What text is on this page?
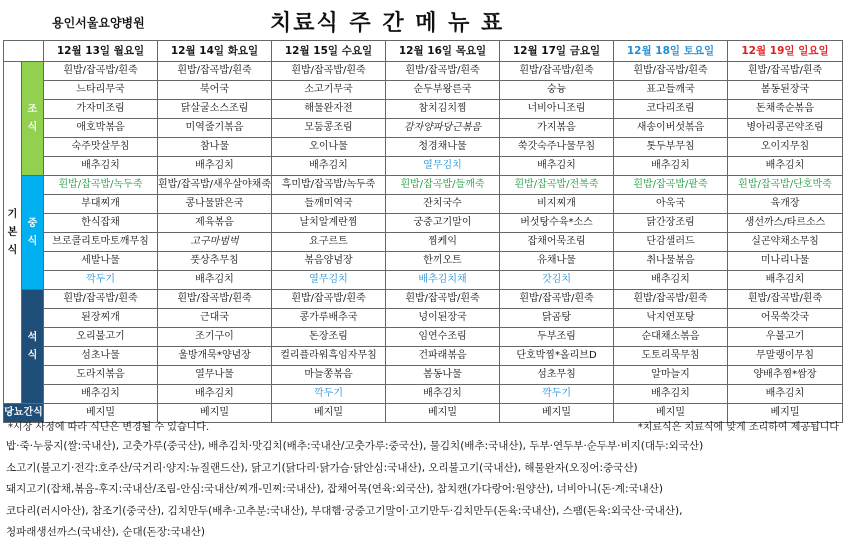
용인서울요양병원	치료식 주 간 메 뉴 표
		12월 13일 월요일	12월 14일 화요일	12월 15일 수요일	12월 16일 목요일	12월 17일 금요일	12월 18일 토요일	12월 19일 일요일
기
본
식	조
식	흰밥/잡곡밥/흰죽	흰밥/잡곡밥/흰죽	흰밥/잡곡밥/흰죽	흰밥/잡곡밥/흰죽	흰밥/잡곡밥/흰죽	흰밥/잡곡밥/흰죽	흰밥/잡곡밥/흰죽
		느타리무국	북어국	소고기무국	순두부왕른국	숭늉	표고들깨국	봄동된장국
		가자미조림	닭살굴소스조림	해물완자전	참치김치찜	너비아니조림	코다리조림	돈채죽순볶음
		애호박볶음	미역줄기볶음	모둠콩조림	감자양파당근볶음	가지볶음	새송이버섯볶음	병아리콩곤약조림
		숙주맛살무침	참나물	오이나물	청경채나물	쑥갓숙주나물무침	톳두부무침	오이지무침
		배추김치	배추김치	배추김치	열무김치	배추김치	배추김치	배추김치
	중
식	흰밥/잡곡밥/녹두죽	흰밥/잡곡밥/새우살야채죽	흑미밥/잡곡밥/녹두죽	흰밥/잡곡밥/들깨죽	흰밥/잡곡밥/전복죽	흰밥/잡곡밥/팥죽	흰밥/잡곡밥/단호박죽
		부대찌개	콩나물맑은국	들깨미역국	잔치국수	비지찌개	아욱국	육개장
		한식잡채	제육볶음	날치알계란찜	궁중고기말이	버섯탕수육*소스	닭간장조림	생선까스/타르소스
		브로콜리토마토깨무침	고구마범벅	요구르트	찜케익	잡채어묵조림	단감샐러드	실곤약채소무침
		세발나물	풋상추무침	볶음양념장	한끼오트	유채나물	취나물볶음	미나리나물
		깍두기	배추김치	열무김치	배추김치채	갓김치	배추김치	배추김치
	석
식	흰밥/잡곡밥/흰죽	흰밥/잡곡밥/흰죽	흰밥/잡곡밥/흰죽	흰밥/잡곡밥/흰죽	흰밥/잡곡밥/흰죽	흰밥/잡곡밥/흰죽	흰밥/잡곡밥/흰죽
		된장찌개	근대국	콩가루배추국	넝이된장국	닭곰탕	낙지연포탕	어묵쑥갓국
		오리불고기	조기구이	돈장조림	임연수조림	두부조림	순대채소볶음	우불고기
		섬초나물	울방개묵*양념장	컬리플라워흑임자무침	건파래볶음	단호박찜*올리브D	도토리묵무침	무말랭이무침
		도라지볶음	열무나물	마늘쫑볶음	봄동나물	섬초무침	알마늘지	양배추찜*쌈장
		배추김치	배추김치	깍두기	배추김치	깍두기	배추김치	배추김치
당뇨간식		베지밀	베지밀	베지밀	베지밀	베지밀	베지밀	베지밀
*시장 사정에 따라 식단은 변경될 수 있습니다.	*치료식은 치료식에 맞게 조리하여 제공됩니다
밥·죽·누룽지(쌀:국내산), 고춧가루(중국산), 배추김치·맛김치(배추:국내산/고춧가루:중국산), 물김치(배추:국내산), 두부·연두부·순두부·비지(대두:외국산)
소고기(불고기·전각:호주산/국거리·양지:뉴질랜드산), 닭고기(닭다리·닭가슴·닭안심:국내산), 오리불고기(국내산), 해물완자(오징어:중국산)
돼지고기(잡채,볶음-후지:국내산/조림-안심:국내산/찌개-민찌:국내산), 잡채어묵(연육:외국산), 참치캔(가다랑어:원양산), 너비아니(돈·계:국내산)
코다리(러시아산), 참조기(중국산), 김치만두(배추·고추분:국내산), 부대햄·궁중고기말이·고기만두·김치만두(돈육:국내산), 스팸(돈육:외국산·국내산),
청파래생선까스(국내산), 순대(돈장:국내산)
